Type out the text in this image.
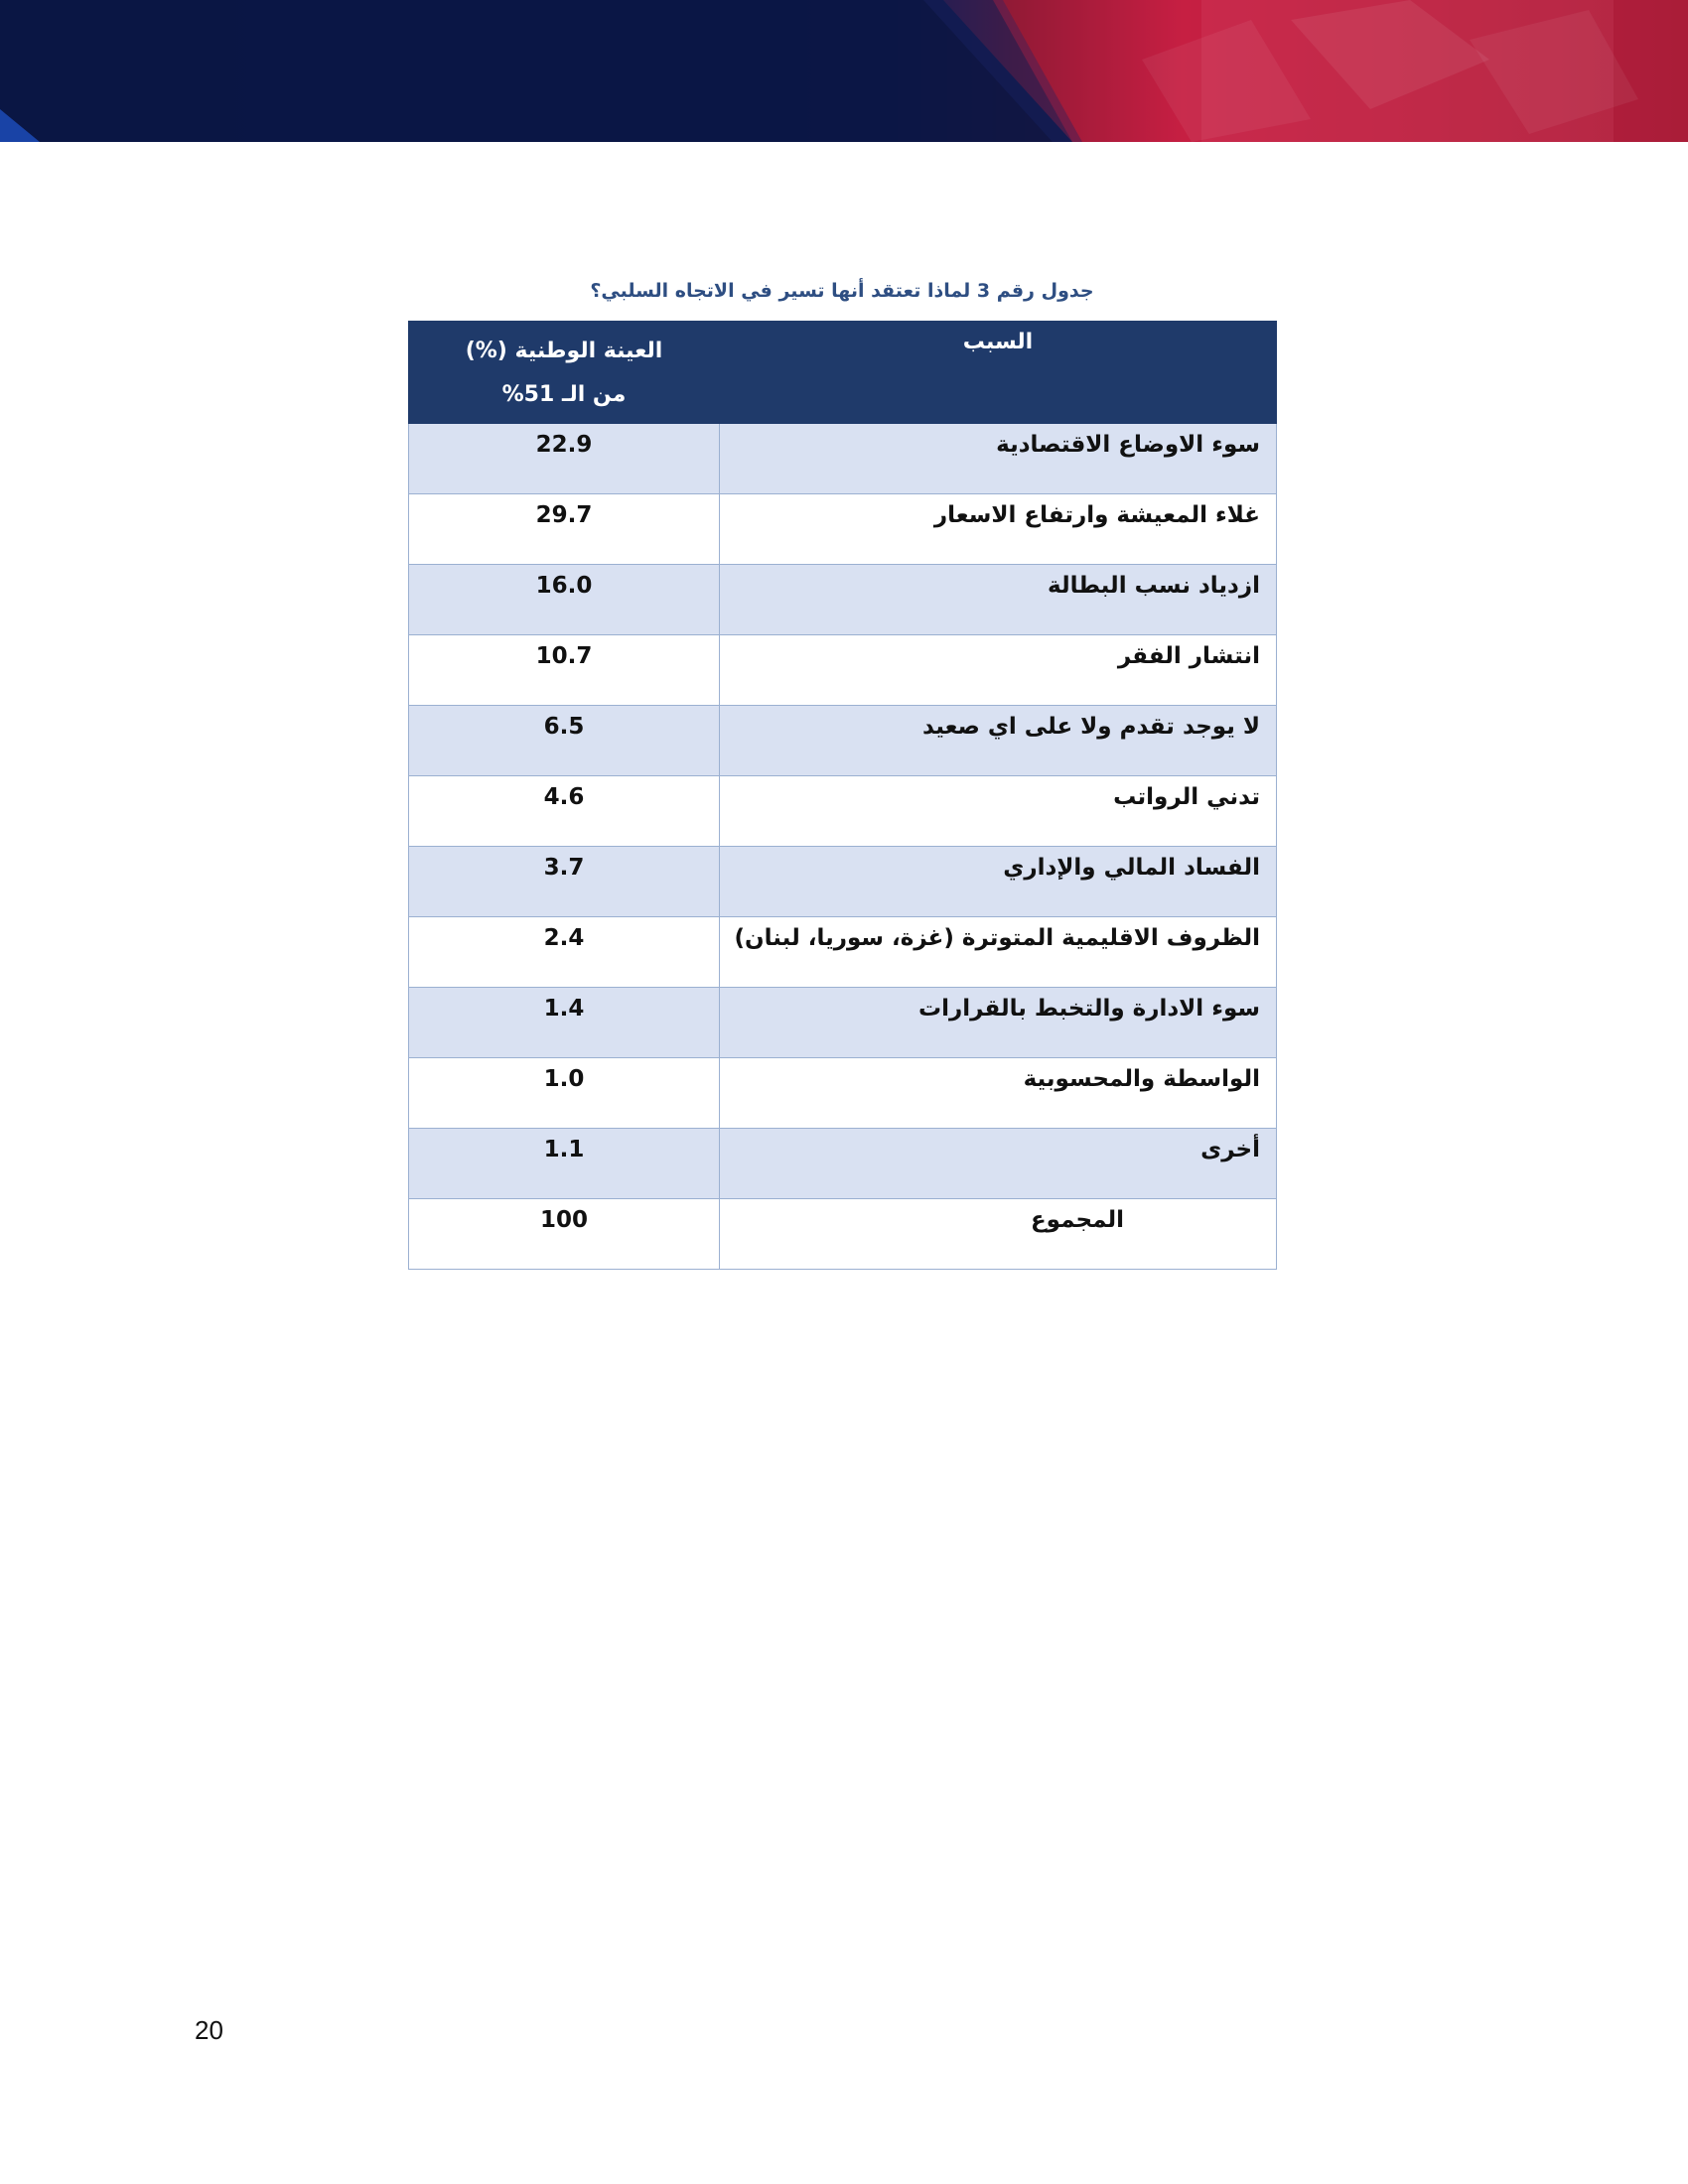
جدول رقم 3 لماذا تعتقد أنها تسير في الاتجاه السلبي؟
السبب	العينة الوطنية (%)
من الـ 51%

سوء الاوضاع الاقتصادية	22.9
غلاء المعيشة وارتفاع الاسعار	29.7
ازدياد نسب البطالة	16.0
انتشار الفقر	10.7
لا يوجد تقدم ولا على اي صعيد	6.5
تدني الرواتب	4.6
الفساد المالي والإداري	3.7
الظروف الاقليمية المتوترة (غزة، سوريا، لبنان)	2.4
سوء الادارة والتخبط بالقرارات	1.4
الواسطة والمحسوبية	1.0
أخرى	1.1
المجموع	100
20
